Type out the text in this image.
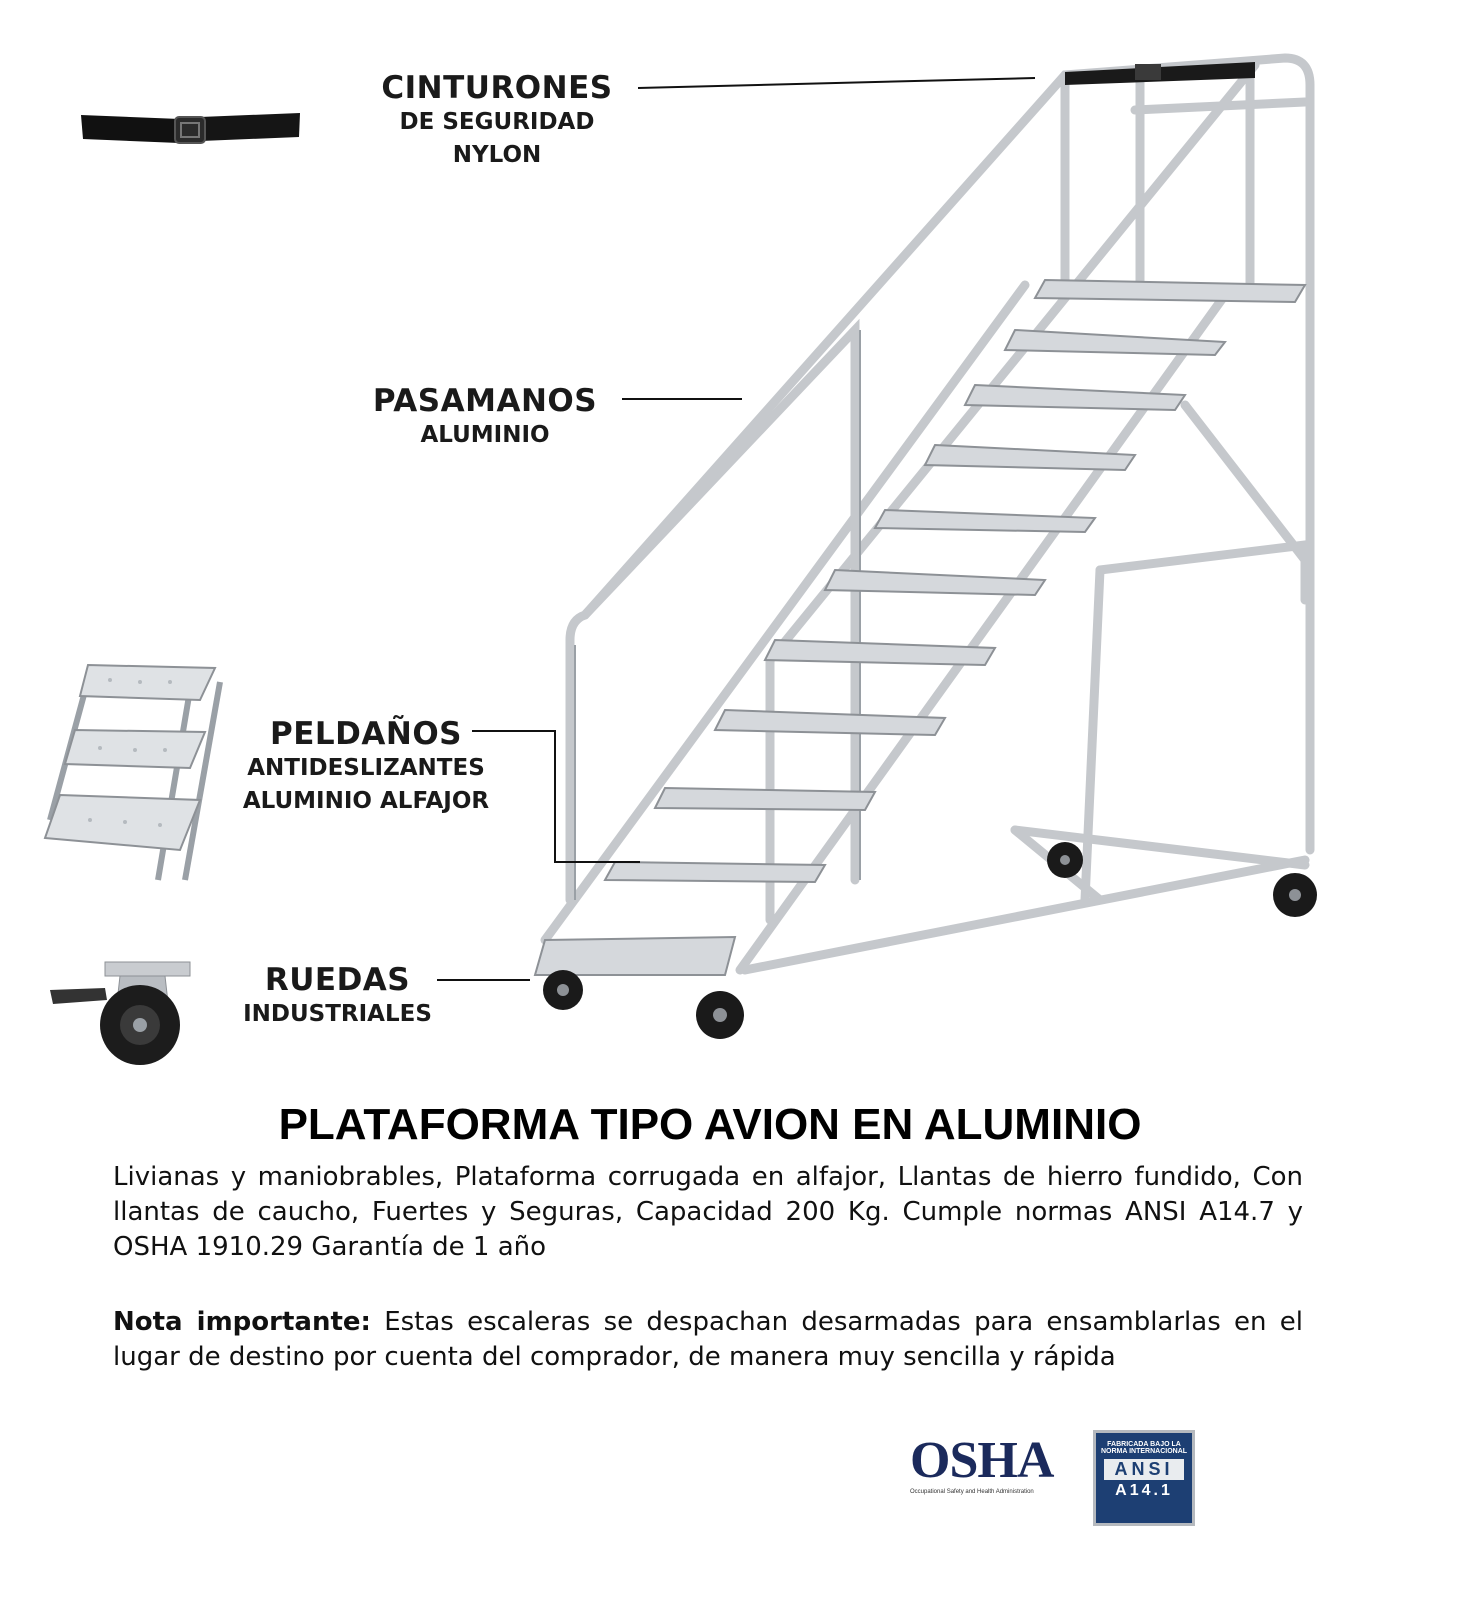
CINTURONES
DE SEGURIDAD
NYLON
PASAMANOS
ALUMINIO
PELDAÑOS
ANTIDESLIZANTES
ALUMINIO ALFAJOR
RUEDAS
INDUSTRIALES
PLATAFORMA TIPO AVION EN ALUMINIO

Livianas y maniobrables, Plataforma corrugada en alfajor, Llantas de hierro fundido, Con llantas de caucho, Fuertes y Seguras, Capacidad 200 Kg. Cumple normas ANSI A14.7 y OSHA 1910.29 Garantía de 1 año

Nota importante: Estas escaleras se despachan desarmadas para ensamblarlas en el lugar de destino por cuenta del comprador, de manera muy sencilla y rápida

OSHA
Occupational Safety and Health Administration
FABRICADA BAJO LA
NORMA INTERNACIONAL
ANSI
A14.1
